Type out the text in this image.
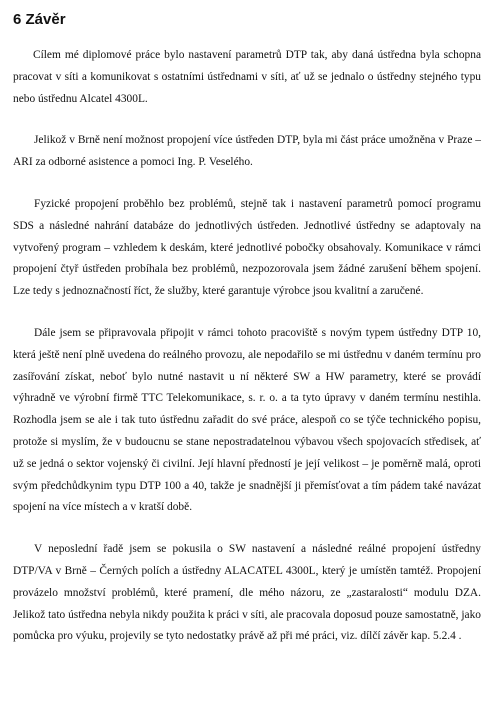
6 Závěr

Cílem mé diplomové práce bylo nastavení parametrů DTP tak, aby daná ústředna byla schopna pracovat v síti a komunikovat s ostatními ústřednami v síti, ať už se jednalo o ústředny stejného typu nebo ústřednu Alcatel 4300L.

Jelikož v Brně není možnost propojení více ústředen DTP, byla mi část práce umožněna v Praze – ARI za odborné asistence a pomoci Ing. P. Veselého.

Fyzické propojení proběhlo bez problémů, stejně tak i nastavení parametrů pomocí programu SDS a následné nahrání databáze do jednotlivých ústředen. Jednotlivé ústředny se adaptovaly na vytvořený program – vzhledem k deskám, které jednotlivé pobočky obsahovaly. Komunikace v rámci propojení čtyř ústředen probíhala bez problémů, nezpozorovala jsem žádné zarušení během spojení. Lze tedy s jednoznačností říct, že služby, které garantuje výrobce jsou kvalitní a zaručené.

Dále jsem se připravovala připojit v rámci tohoto pracoviště s novým typem ústředny DTP 10, která ještě není plně uvedena do reálného provozu, ale nepodařilo se mi ústřednu v daném termínu pro zasířování získat, neboť bylo nutné nastavit u ní některé SW a HW parametry, které se provádí výhradně ve výrobní firmě TTC Telekomunikace, s. r. o. a ta tyto úpravy v daném termínu nestihla. Rozhodla jsem se ale i tak tuto ústřednu zařadit do své práce, alespoň co se týče technického popisu, protože si myslím, že v budoucnu se stane nepostradatelnou výbavou všech spojovacích středisek, ať už se jedná o sektor vojenský či civilní. Její hlavní předností je její velikost – je poměrně malá, oproti svým předchůdkynim typu DTP 100 a 40, takže je snadnější ji přemísťovat a tím pádem také navázat spojení na více místech a v kratší době.

V neposlední řadě jsem se pokusila o SW nastavení a následné reálné propojení ústředny DTP/VA v Brně – Černých polích a ústředny ALACATEL 4300L, který je umístěn tamtéž. Propojení provázelo množství problémů, které pramení, dle mého názoru, ze „zastaralosti“ modulu DZA. Jelikož tato ústředna nebyla nikdy použita k práci v síti, ale pracovala doposud pouze samostatně, jako pomůcka pro výuku, projevily se tyto nedostatky právě až při mé práci, viz. dílčí závěr kap. 5.2.4 .
